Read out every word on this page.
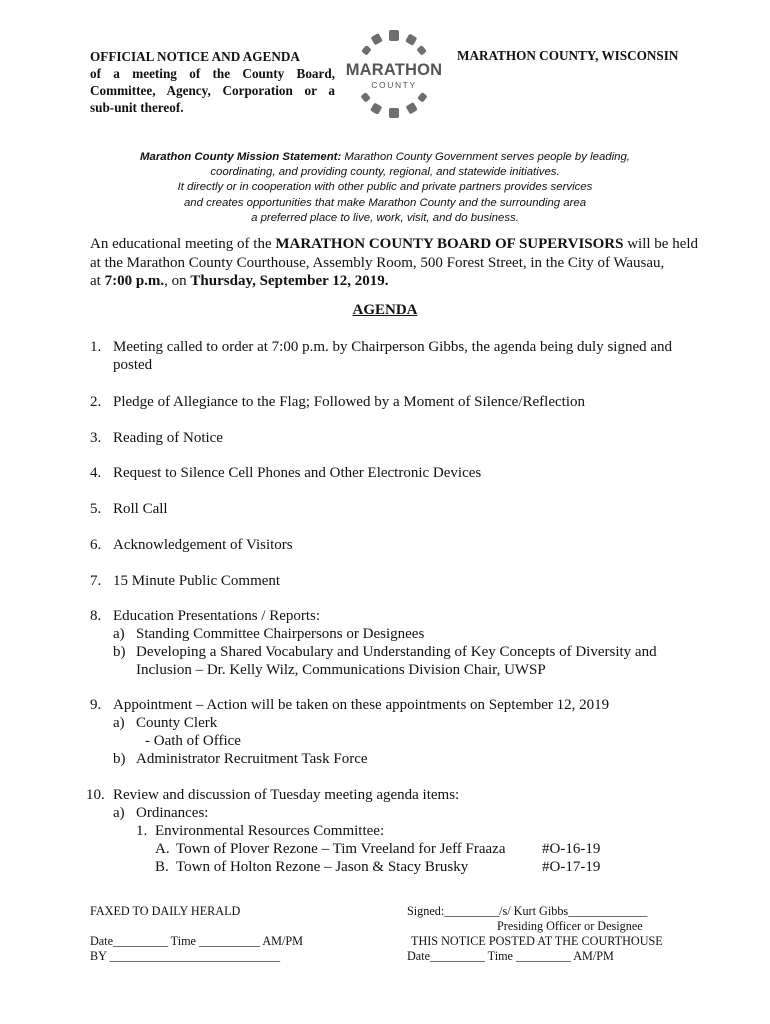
OFFICIAL NOTICE AND AGENDA
of a meeting of the County Board,
Committee, Agency, Corporation or a
sub-unit thereof.
MARATHON
COUNTY
MARATHON COUNTY, WISCONSIN
Marathon County Mission Statement: Marathon County Government serves people by leading,
coordinating, and providing county, regional, and statewide initiatives.
It directly or in cooperation with other public and private partners provides services
and creates opportunities that make Marathon County and the surrounding area
a preferred place to live, work, visit, and do business.
An educational meeting of the MARATHON COUNTY BOARD OF SUPERVISORS will be held
at the Marathon County Courthouse, Assembly Room, 500 Forest Street, in the City of Wausau,
at 7:00 p.m., on Thursday, September 12, 2019.
AGENDA
1. Meeting called to order at 7:00 p.m. by Chairperson Gibbs, the agenda being duly signed and
posted
2. Pledge of Allegiance to the Flag; Followed by a Moment of Silence/Reflection
3. Reading of Notice
4. Request to Silence Cell Phones and Other Electronic Devices
5. Roll Call
6. Acknowledgement of Visitors
7. 15 Minute Public Comment
8. Education Presentations / Reports:
a) Standing Committee Chairpersons or Designees
b) Developing a Shared Vocabulary and Understanding of Key Concepts of Diversity and
Inclusion – Dr. Kelly Wilz, Communications Division Chair, UWSP
9. Appointment – Action will be taken on these appointments on September 12, 2019
a) County Clerk
- Oath of Office
b) Administrator Recruitment Task Force
10. Review and discussion of Tuesday meeting agenda items:
a) Ordinances:
1. Environmental Resources Committee:
A. Town of Plover Rezone – Tim Vreeland for Jeff Fraaza	#O-16-19
B. Town of Holton Rezone – Jason & Stacy Brusky	#O-17-19
FAXED TO DAILY HERALD
Date_________ Time __________ AM/PM
BY ____________________________
Signed:_________/s/ Kurt Gibbs_____________
Presiding Officer or Designee
THIS NOTICE POSTED AT THE COURTHOUSE
Date_________ Time _________ AM/PM
